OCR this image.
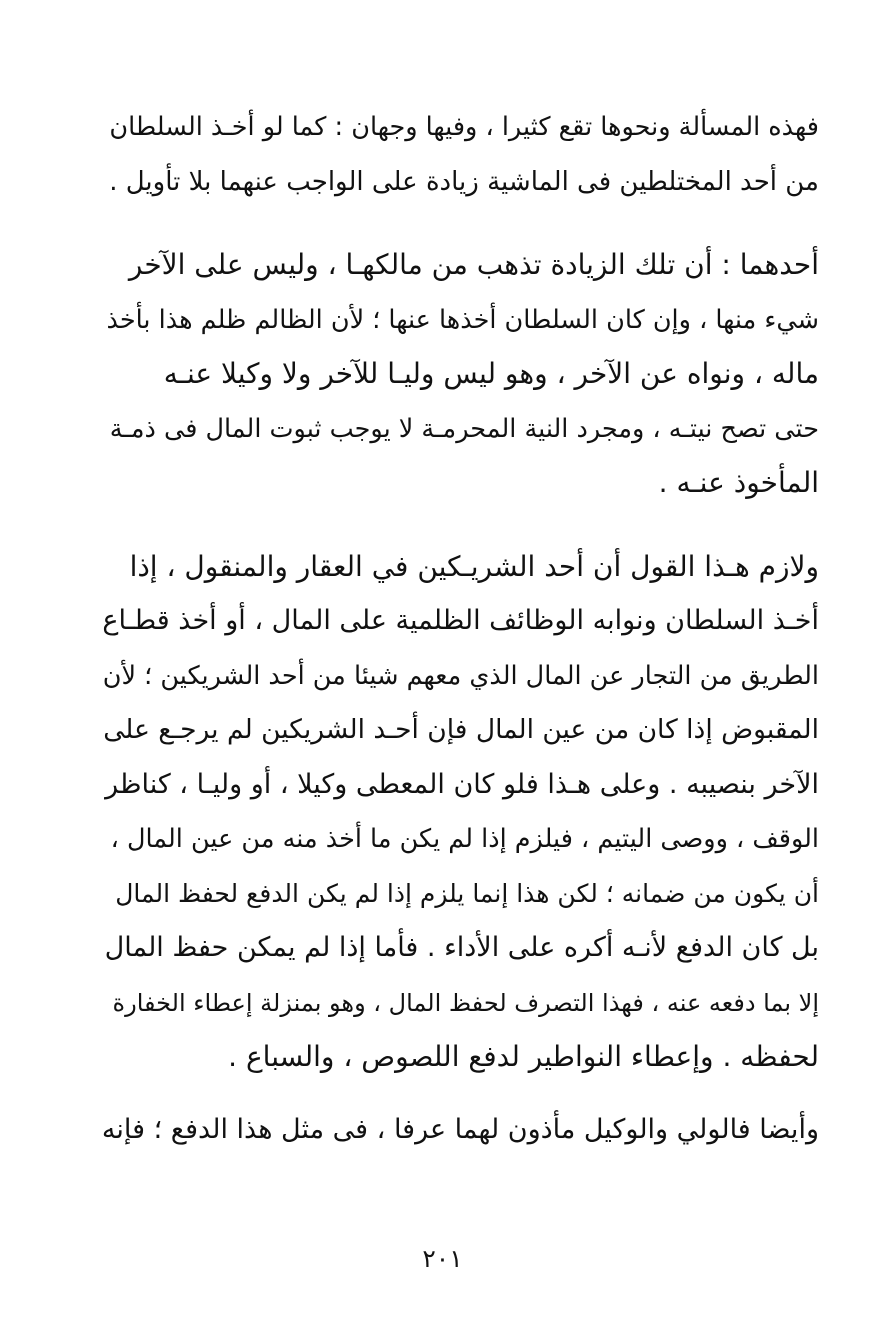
فهذه المسألة ونحوها تقع كثيرا ، وفيها وجهان : كما لو أخـذ السلطان
من أحد المختلطين فى الماشية زيادة على الواجب عنهما بلا تأويل .

أحدهما : أن تلك الزيادة تذهب من مالكهـا ، وليس على الآخر
شيء منها ، وإن كان السلطان أخذها عنها ؛ لأن الظالم ظلم هذا بأخذ
ماله ، ونواه عن الآخر ، وهو ليس وليـا للآخر ولا وكيلا عنـه
حتى تصح نيتـه ، ومجرد النية المحرمـة لا يوجب ثبوت المال فى ذمـة
المأخوذ عنـه .

ولازم هـذا القول أن أحد الشريـكين في العقار والمنقول ، إذا
أخـذ السلطان ونوابه الوظائف الظلمية على المال ، أو أخذ قطـاع
الطريق من التجار عن المال الذي معهم شيئا من أحد الشريكين ؛ لأن
المقبوض إذا كان من عين المال فإن أحـد الشريكين لم يرجـع على
الآخر بنصيبه . وعلى هـذا فلو كان المعطى وكيلا ، أو وليـا ، كناظر
الوقف ، ووصى اليتيم ، فيلزم إذا لم يكن ما أخذ منه من عين المال ،
أن يكون من ضمانه ؛ لكن هذا إنما يلزم إذا لم يكن الدفع لحفظ المال
بل كان الدفع لأنـه أكره على الأداء . فأما إذا لم يمكن حفظ المال
إلا بما دفعه عنه ، فهذا التصرف لحفظ المال ، وهو بمنزلة إعطاء الخفارة
لحفظه . وإعطاء النواطير لدفع اللصوص ، والسباع .

وأيضا فالولي والوكيل مأذون لهما عرفا ، فى مثل هذا الدفع ؛ فإنه

٢٠١
